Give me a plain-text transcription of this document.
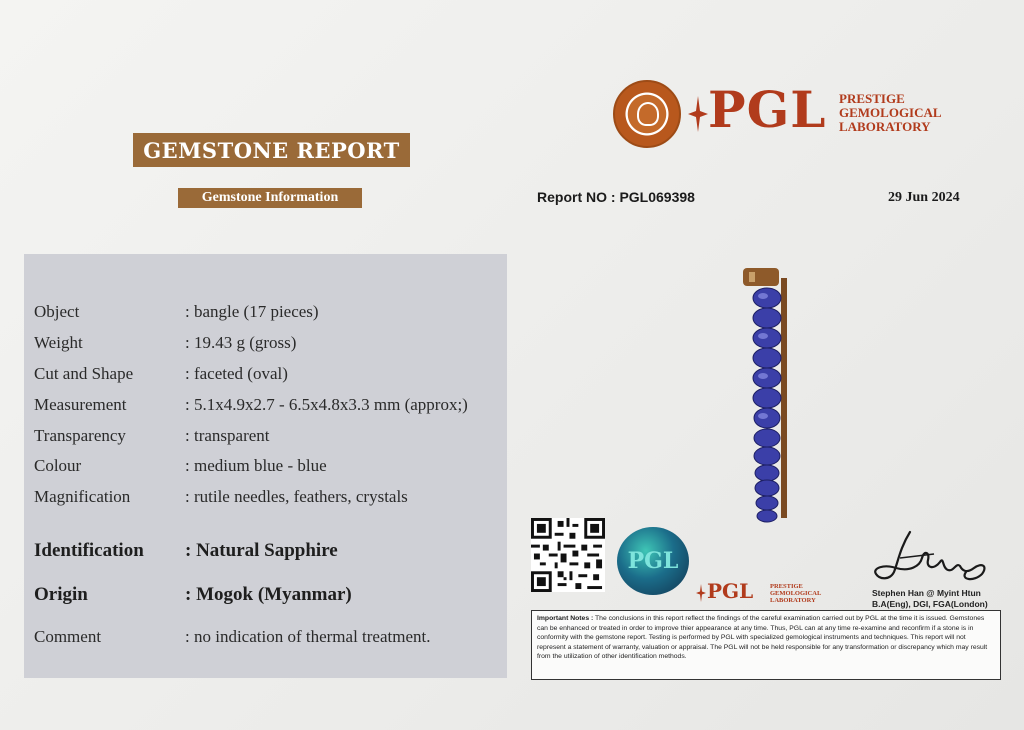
GEMSTONE REPORT
Gemstone Information
PGL PRESTIGE
GEMOLOGICAL
LABORATORY
Report NO : PGL069398	29 Jun 2024
Object	: bangle (17 pieces)
Weight	: 19.43 g (gross)
Cut and Shape	: faceted (oval)
Measurement	: 5.1x4.9x2.7 - 6.5x4.8x3.3 mm (approx;)
Transparency	: transparent
Colour	: medium blue - blue
Magnification	: rutile needles, feathers, crystals
Identification	: Natural Sapphire
Origin	: Mogok (Myanmar)
Comment	: no indication of thermal treatment.
PGL
PGL	PRESTIGE
GEMOLOGICAL
LABORATORY
Stephen Han @ Myint Htun
B.A(Eng), DGI, FGA(London)
Important Notes : The conclusions in this report reflect the findings of the careful examination carried out by PGL at the time it is issued. Gemstones can be enhanced or treated in order to improve thier appearance at any time. Thus, PGL can at any time re-examine and reconfirm if a stone is in conformity with the gemstone report. Testing is performed by PGL with specialized gemological instruments and techniques. This report will not represent a statement of warranty, valuation or appraisal. The PGL will not be held responsible for any transformation or discrepancy which may result from the utilization of other identification methods.
